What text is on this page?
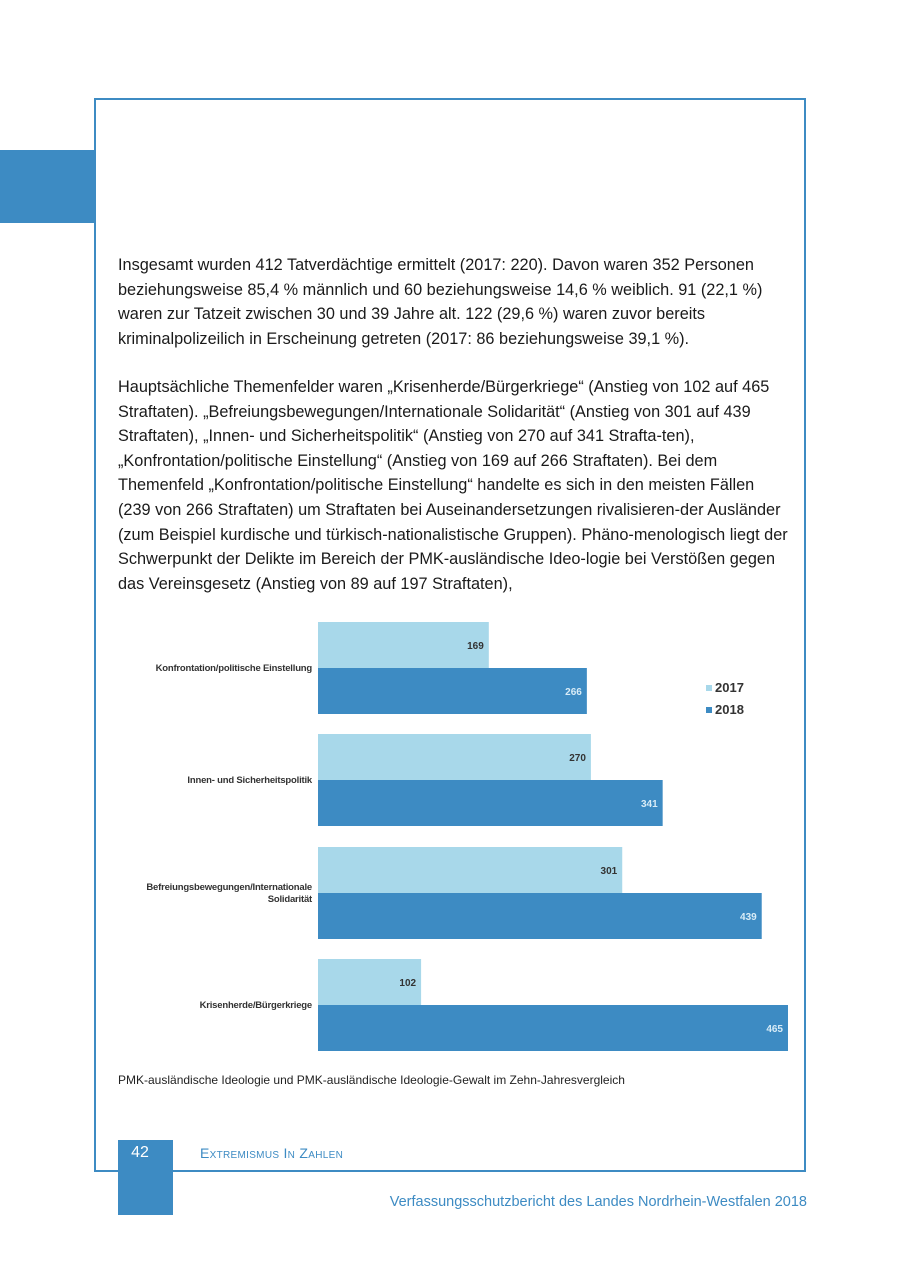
Insgesamt wurden 412 Tatverdächtige ermittelt (2017: 220). Davon waren 352 Personen beziehungsweise 85,4 % männlich und 60 beziehungsweise 14,6 % weiblich. 91 (22,1 %) waren zur Tatzeit zwischen 30 und 39 Jahre alt. 122 (29,6 %) waren zuvor bereits kriminalpolizeilich in Erscheinung getreten (2017: 86 beziehungsweise 39,1 %).

Hauptsächliche Themenfelder waren „Krisenherde/Bürgerkriege“ (Anstieg von 102 auf 465 Straftaten). „Befreiungsbewegungen/Internationale Solidarität“ (Anstieg von 301 auf 439 Straftaten), „Innen- und Sicherheitspolitik“ (Anstieg von 270 auf 341 Strafta-ten), „Konfrontation/politische Einstellung“ (Anstieg von 169 auf 266 Straftaten). Bei dem Themenfeld „Konfrontation/politische Einstellung“ handelte es sich in den meisten Fällen (239 von 266 Straftaten) um Straftaten bei Auseinandersetzungen rivalisieren-der Ausländer (zum Beispiel kurdische und türkisch-nationalistische Gruppen). Phäno-menologisch liegt der Schwerpunkt der Delikte im Bereich der PMK-ausländische Ideo-logie bei Verstößen gegen das Vereinsgesetz (Anstieg von 89 auf 197 Straftaten),

169
266
Konfrontation/politische Einstellung
270
341
Innen- und Sicherheitspolitik
301
439
Befreiungsbewegungen/Internationale
Solidarität
102
465
Krisenherde/Bürgerkriege
2017
2018

PMK-ausländische Ideologie und PMK-ausländische Ideologie-Gewalt im Zehn-Jahresvergleich

42	Extremismus In Zahlen
Verfassungsschutzbericht des Landes Nordrhein-Westfalen 2018
